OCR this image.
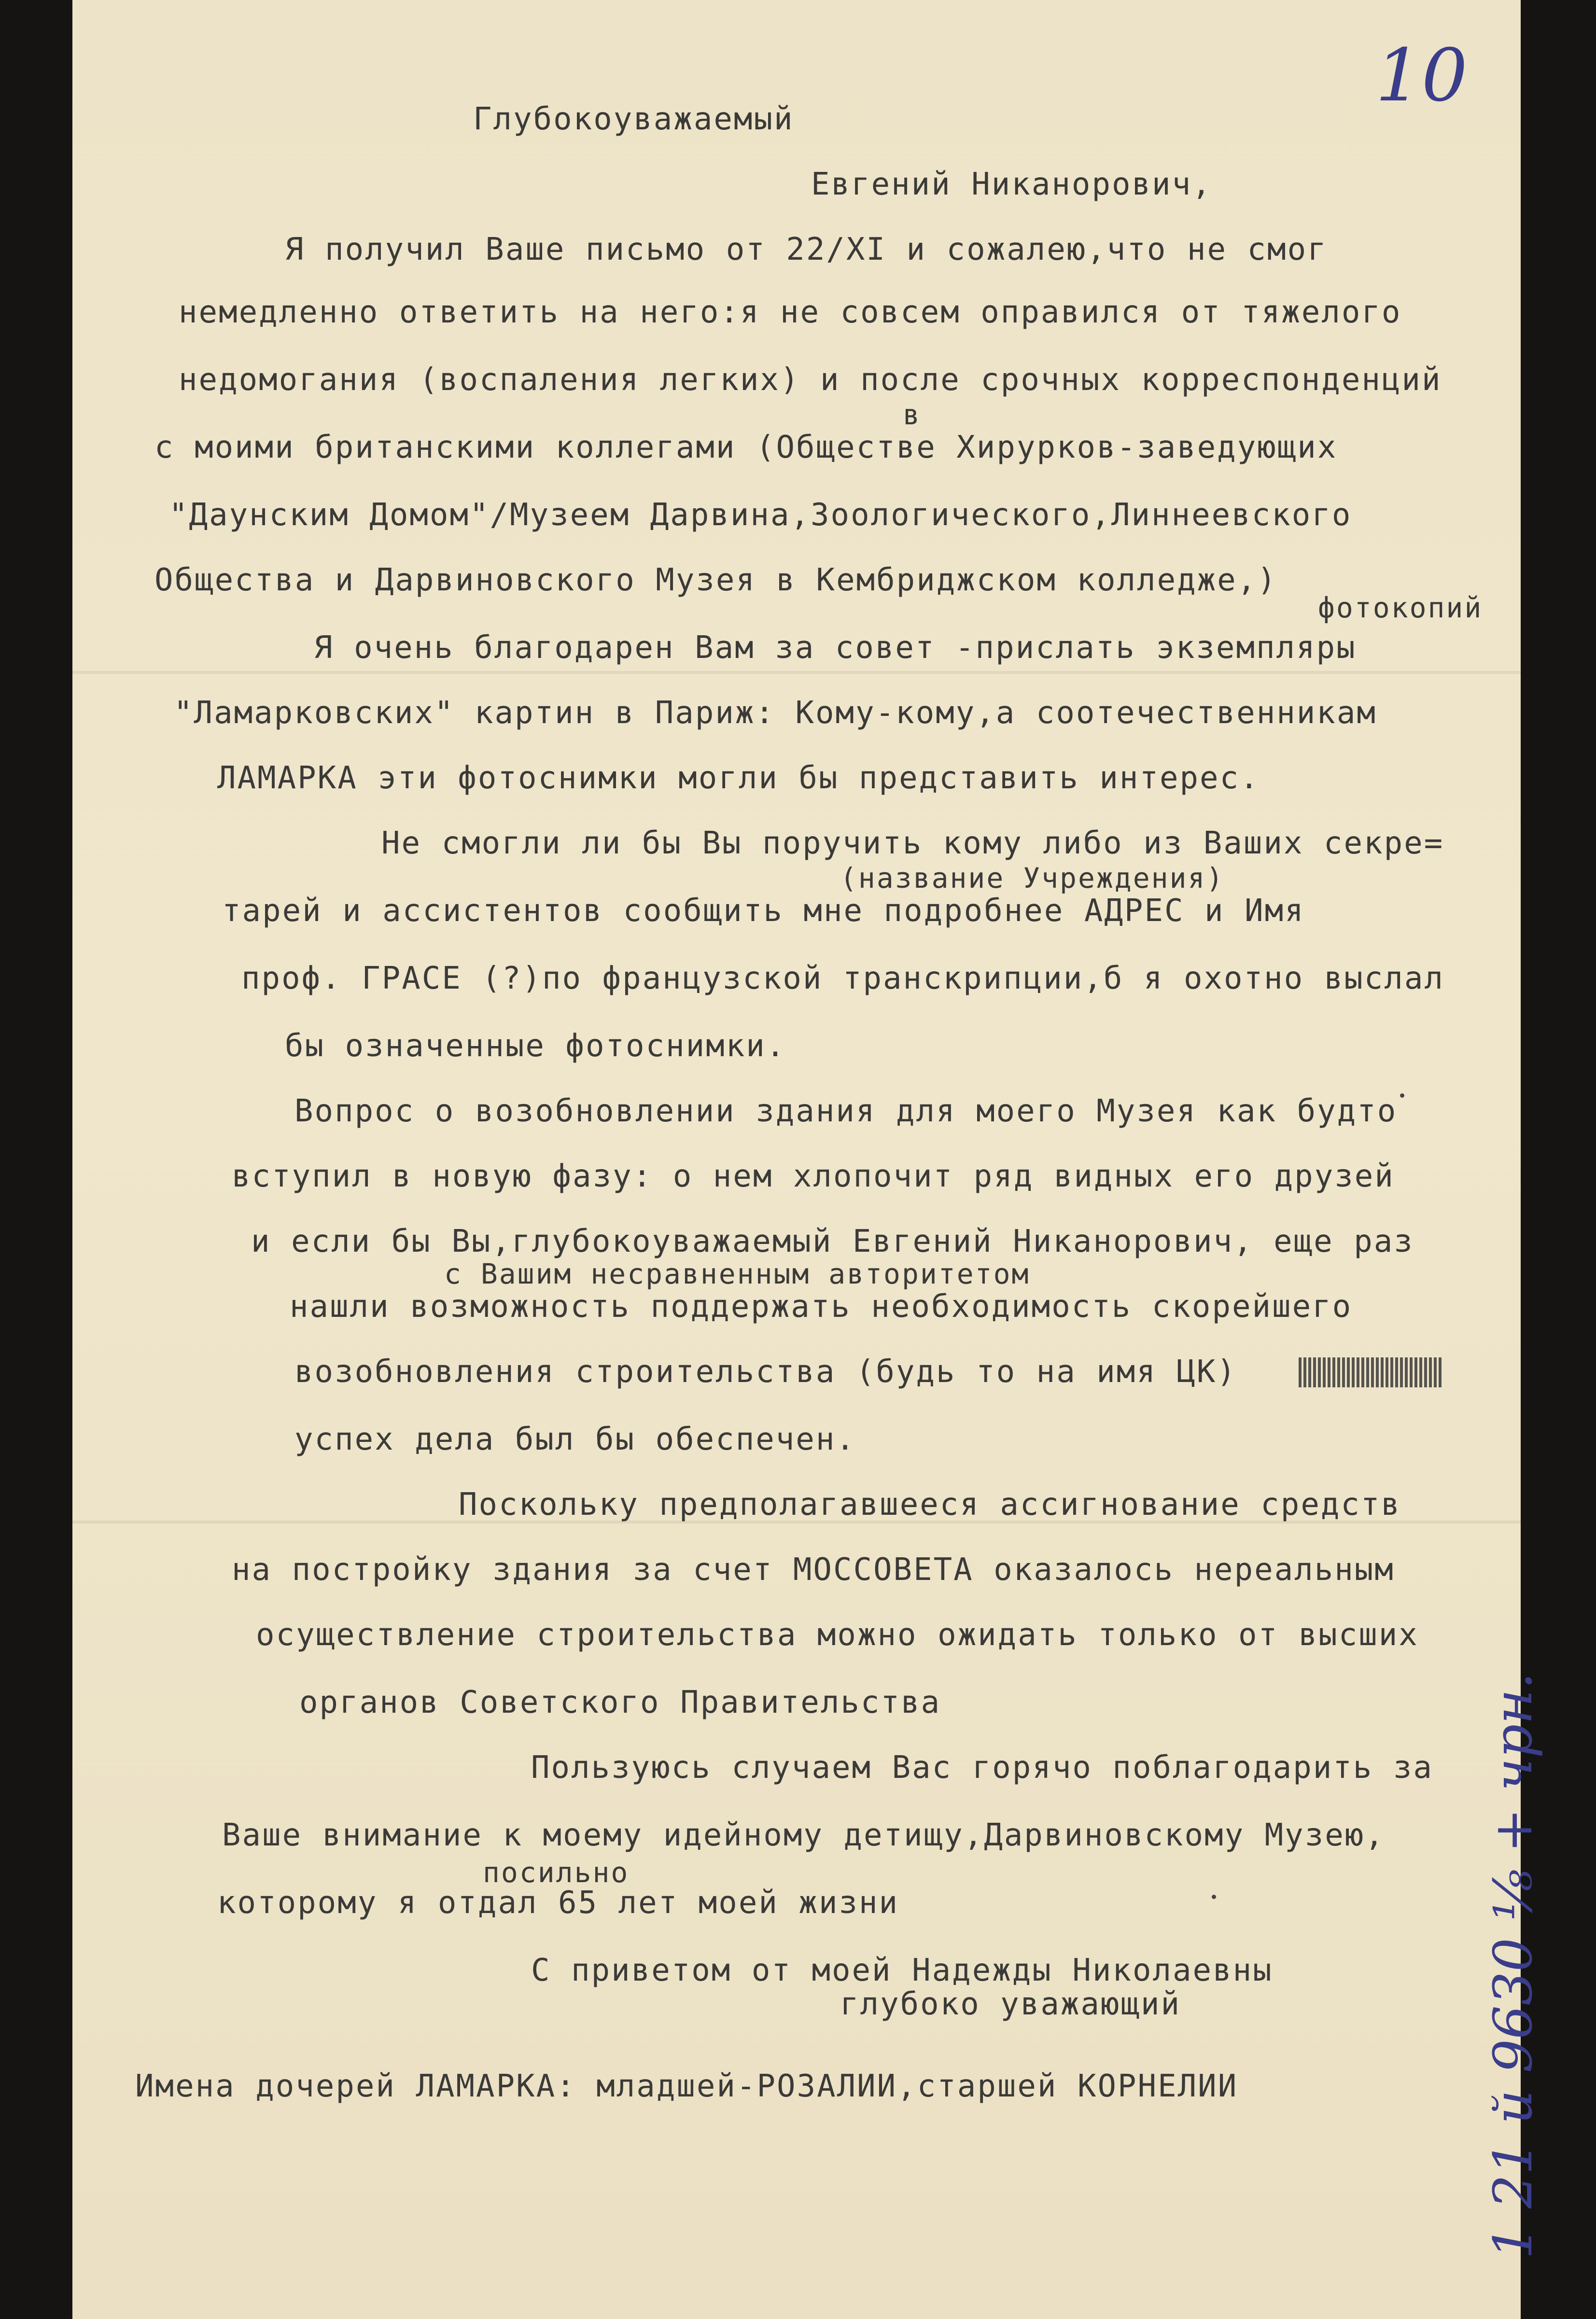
10
Глубокоуважаемый
Евгений Никанорович,
Я получил Ваше письмо от 22/XI и сожалею,что не смог
немедленно ответить на него:я не совсем оправился от тяжелого
недомогания (воспаления легких) и после срочных корреспонденций
в
с моими британскими коллегами (Обществе Хирурков-заведующих
"Даунским Домом"/Музеем Дарвина,Зоологического,Линнеевского
Общества и Дарвиновского Музея в Кембриджском колледже,)
фотокопий
Я очень благодарен Вам за совет -прислать экземпляры
"Ламарковских" картин в Париж: Кому-кому,а соотечественникам
ЛАМАРКА эти фотоснимки могли бы представить интерес.
Не смогли ли бы Вы поручить кому либо из Ваших секре=
(название Учреждения)
тарей и ассистентов сообщить мне подробнее АДРЕС и Имя
проф. ГРАСЕ (?)по французской транскрипции,б я охотно выслал
бы означенные фотоснимки.
Вопрос о возобновлении здания для моего Музея как будто
вступил в новую фазу: о нем хлопочит ряд видных его друзей
и если бы Вы,глубокоуважаемый Евгений Никанорович, еще раз
с Вашим несравненным авторитетом
нашли возможность поддержать необходимость скорейшего
возобновления строительства (будь то на имя ЦК)
успех дела был бы обеспечен.
Поскольку предполагавшееся ассигнование средств
на постройку здания за счет МОССОВЕТА оказалось нереальным
осуществление строительства можно ожидать только от высших
органов Советского Правительства
Пользуюсь случаем Вас горячо поблагодарить за
Ваше внимание к моему идейному детищу,Дарвиновскому Музею,
посильно
которому я отдал 65 лет моей жизни
С приветом от моей Надежды Николаевны
глубоко уважающий
Имена дочерей ЛАМАРКА: младшей-РОЗАЛИИ,старшей КОРНЕЛИИ	1 21 й 9630 ⅛ + чрн.
